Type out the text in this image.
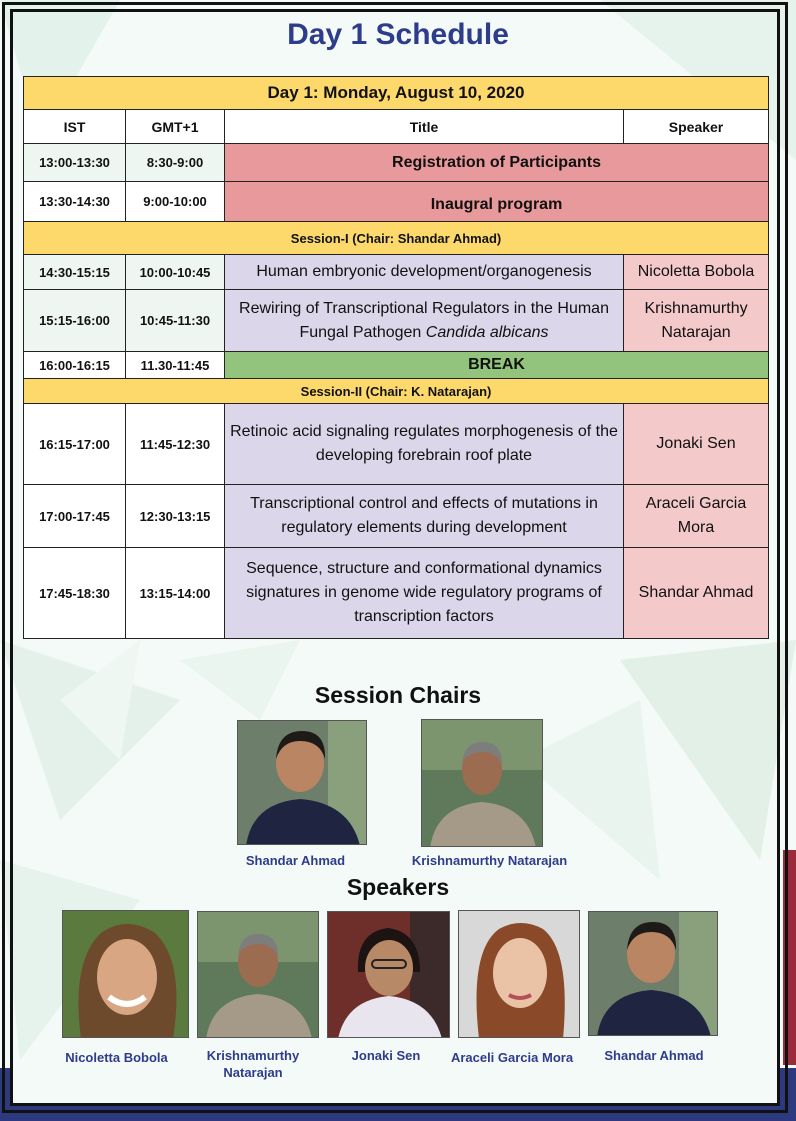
Day 1 Schedule
Day 1: Monday, August 10, 2020			
IST	GMT+1	Title	Speaker
13:00-13:30	8:30-9:00	Registration of Participants	
13:30-14:30	9:00-10:00	Inaugral program	
Session-I (Chair: Shandar Ahmad)			
14:30-15:15	10:00-10:45	Human embryonic development/organogenesis	Nicoletta Bobola
15:15-16:00	10:45-11:30	Rewiring of Transcriptional Regulators in the Human Fungal Pathogen Candida albicans	Krishnamurthy Natarajan
16:00-16:15	11.30-11:45	BREAK	
Session-II (Chair: K. Natarajan)			
16:15-17:00	11:45-12:30	Retinoic acid signaling regulates morphogenesis of the developing forebrain roof plate	Jonaki Sen
17:00-17:45	12:30-13:15	Transcriptional control and effects of mutations in regulatory elements during development	Araceli Garcia Mora
17:45-18:30	13:15-14:00	Sequence, structure and conformational dynamics signatures in genome wide regulatory programs of transcription factors	Shandar Ahmad
Session Chairs
Shandar Ahmad	Krishnamurthy Natarajan
Speakers
Nicoletta Bobola	Krishnamurthy Natarajan
Jonaki Sen	Araceli Garcia Mora	Shandar Ahmad
